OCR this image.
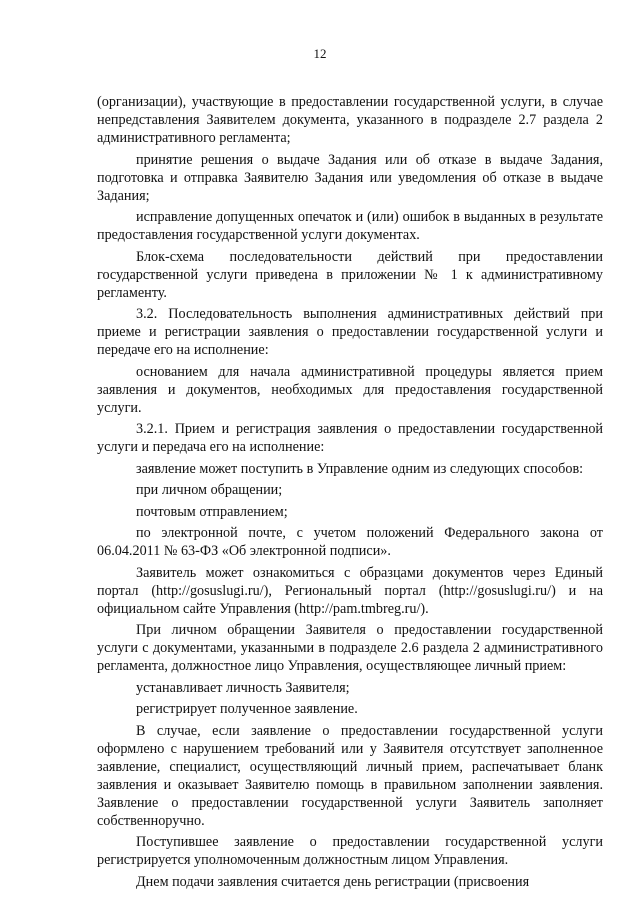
12

(организации), участвующие в предоставлении государственной услуги, в случае непредставления Заявителем документа, указанного в подразделе 2.7 раздела 2 административного регламента;

принятие решения о выдаче Задания или об отказе в выдаче Задания, подготовка и отправка Заявителю Задания или уведомления об отказе в выдаче Задания;

исправление допущенных опечаток и (или) ошибок в выданных в результате предоставления государственной услуги документах.

Блок-схема последовательности действий при предоставлении государственной услуги приведена в приложении № 1 к административному регламенту.

3.2. Последовательность выполнения административных действий при приеме и регистрации заявления о предоставлении государственной услуги и передаче его на исполнение:

основанием для начала административной процедуры является прием заявления и документов, необходимых для предоставления государственной услуги.

3.2.1. Прием и регистрация заявления о предоставлении государственной услуги и передача его на исполнение:

заявление может поступить в Управление одним из следующих способов:

при личном обращении;

почтовым отправлением;

по электронной почте, с учетом положений Федерального закона от 06.04.2011 № 63-ФЗ «Об электронной подписи».

Заявитель может ознакомиться с образцами документов через Единый портал (http://gosuslugi.ru/), Региональный портал (http://gosuslugi.ru/) и на официальном сайте Управления (http://pam.tmbreg.ru/).

При личном обращении Заявителя о предоставлении государственной услуги с документами, указанными в подразделе 2.6 раздела 2 административного регламента, должностное лицо Управления, осуществляющее личный прием:

устанавливает личность Заявителя;

регистрирует полученное заявление.

В случае, если заявление о предоставлении государственной услуги оформлено с нарушением требований или у Заявителя отсутствует заполненное заявление, специалист, осуществляющий личный прием, распечатывает бланк заявления и оказывает Заявителю помощь в правильном заполнении заявления. Заявление о предоставлении государственной услуги Заявитель заполняет собственноручно.

Поступившее заявление о предоставлении государственной услуги регистрируется уполномоченным должностным лицом Управления.

Днем подачи заявления считается день регистрации (присвоения
